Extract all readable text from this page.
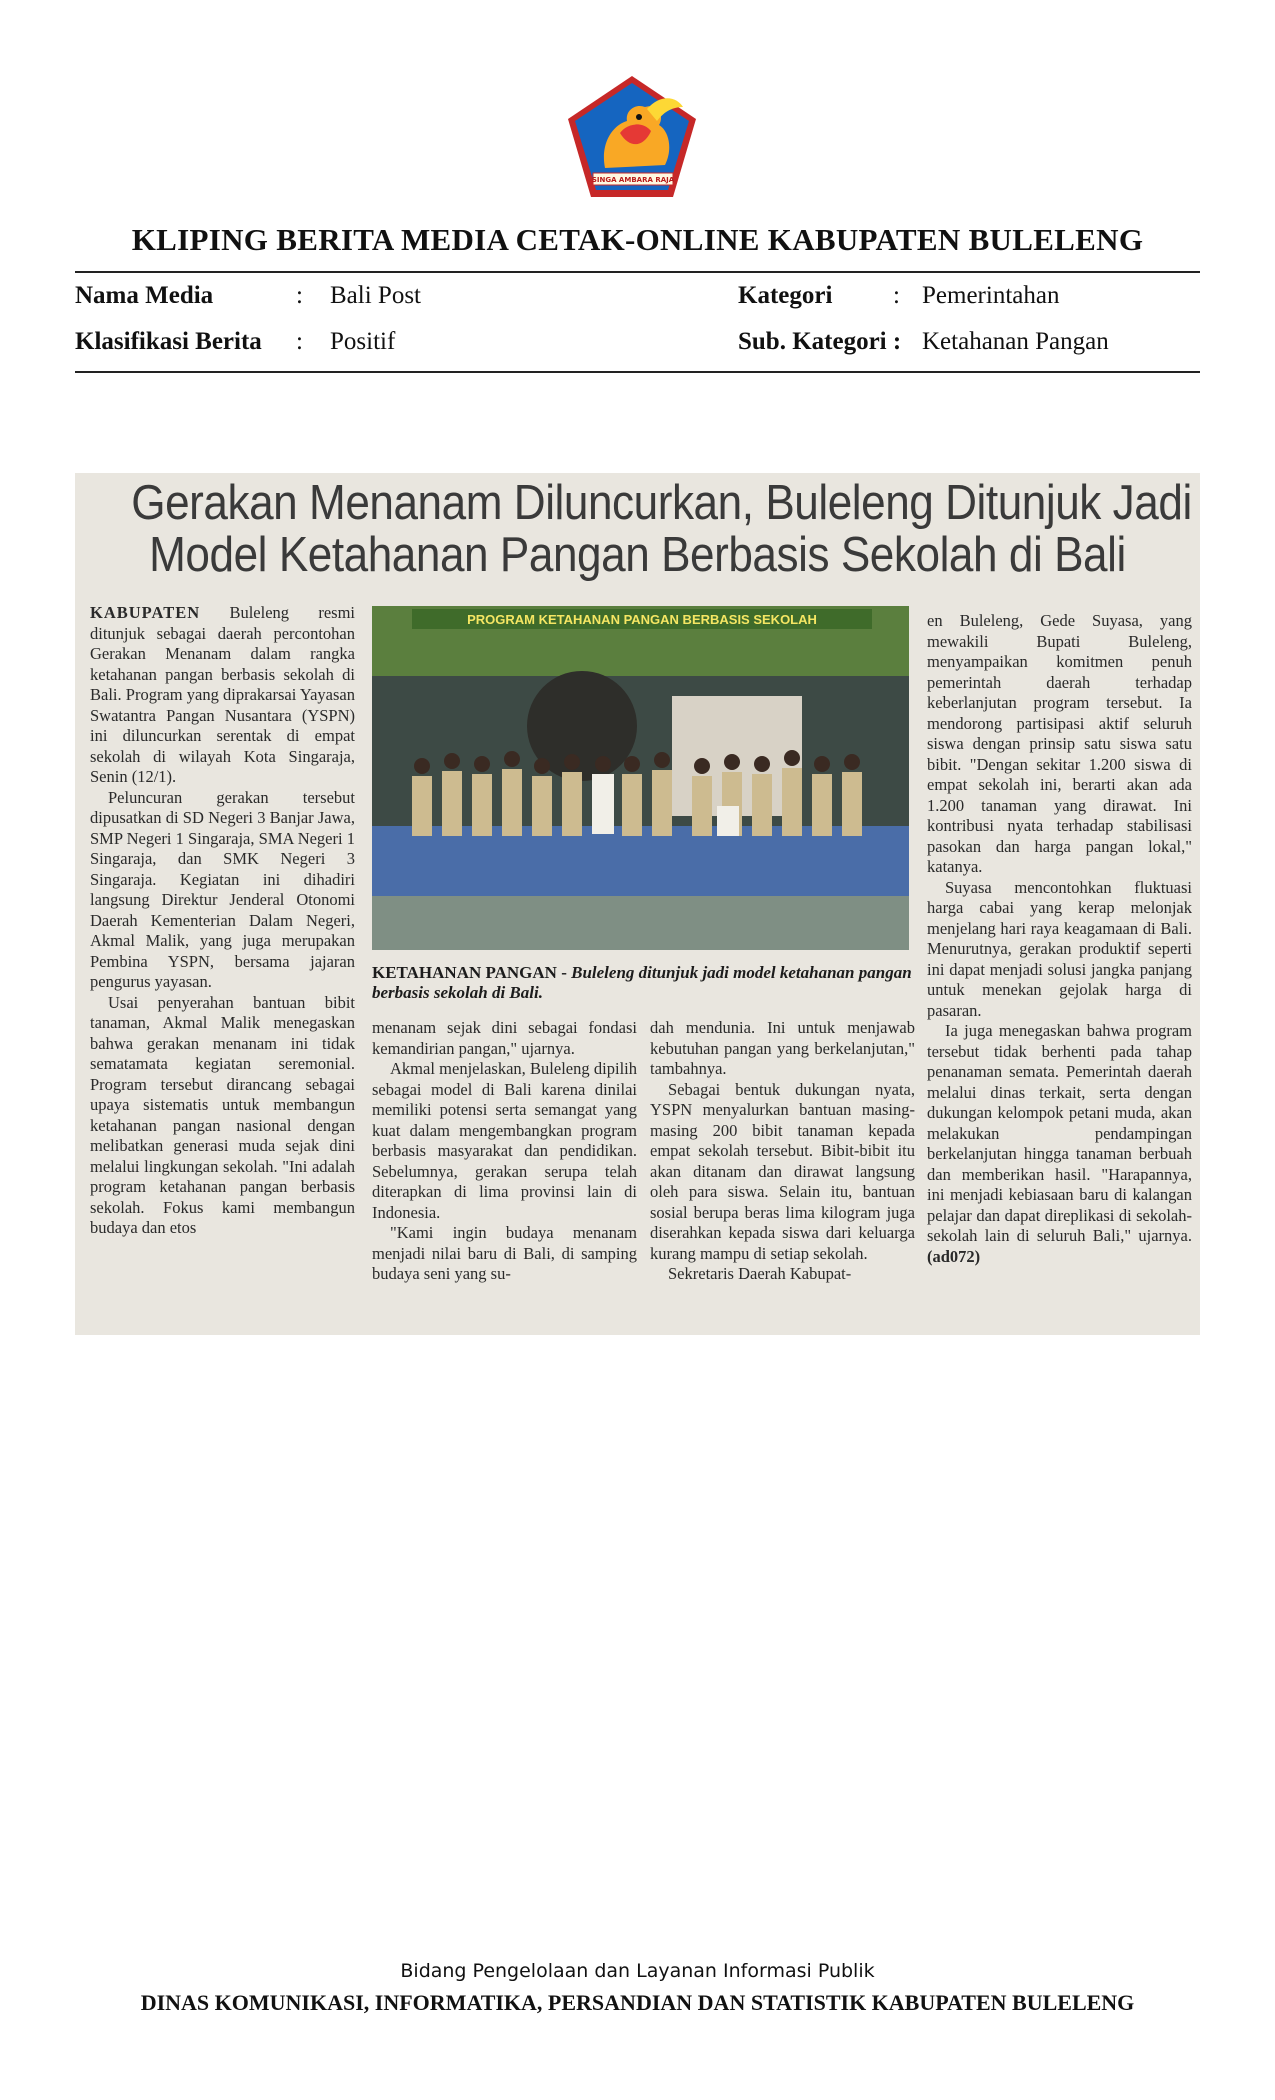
SINGA AMBARA RAJA
KLIPING BERITA MEDIA CETAK-ONLINE KABUPATEN BULELENG
Nama Media	: Bali Post	Kategori : Pemerintahan
Klasifikasi Berita : Positif	Sub. Kategori : Ketahanan Pangan
Gerakan Menanam Diluncurkan, Buleleng Ditunjuk Jadi
Model Ketahanan Pangan Berbasis Sekolah di Bali

KABUPATEN Buleleng resmi ditunjuk sebagai daerah percontohan Gerakan Menanam dalam rangka ketahanan pangan berbasis sekolah di Bali. Program yang diprakarsai Yayasan Swatantra Pangan Nusantara (YSPN) ini diluncurkan serentak di empat sekolah di wilayah Kota Singaraja, Senin (12/1).

Peluncuran gerakan tersebut dipusatkan di SD Negeri 3 Banjar Jawa, SMP Negeri 1 Singaraja, SMA Negeri 1 Singaraja, dan SMK Negeri 3 Singaraja. Kegiatan ini dihadiri langsung Direktur Jenderal Otonomi Daerah Kementerian Dalam Negeri, Akmal Malik, yang juga merupakan Pembina YSPN, bersama jajaran pengurus yayasan.

Usai penyerahan bantuan bibit tanaman, Akmal Malik menegaskan bahwa gerakan menanam ini tidak sematamata kegiatan seremonial. Program tersebut dirancang sebagai upaya sistematis untuk membangun ketahanan pangan nasional dengan melibatkan generasi muda sejak dini melalui lingkungan sekolah. "Ini adalah program ketahanan pangan berbasis sekolah. Fokus kami membangun budaya dan etos

PROGRAM KETAHANAN PANGAN BERBASIS SEKOLAH
KETAHANAN PANGAN - Buleleng ditunjuk jadi model ketahanan pangan berbasis sekolah di Bali.

menanam sejak dini sebagai fondasi kemandirian pangan," ujarnya.

Akmal menjelaskan, Buleleng dipilih sebagai model di Bali karena dinilai memiliki potensi serta semangat yang kuat dalam mengembangkan program berbasis masyarakat dan pendidikan. Sebelumnya, gerakan serupa telah diterapkan di lima provinsi lain di Indonesia.

"Kami ingin budaya menanam menjadi nilai baru di Bali, di samping budaya seni yang su-

dah mendunia. Ini untuk menjawab kebutuhan pangan yang berkelanjutan," tambahnya.

Sebagai bentuk dukungan nyata, YSPN menyalurkan bantuan masing-masing 200 bibit tanaman kepada empat sekolah tersebut. Bibit-bibit itu akan ditanam dan dirawat langsung oleh para siswa. Selain itu, bantuan sosial berupa beras lima kilogram juga diserahkan kepada siswa dari keluarga kurang mampu di setiap sekolah.

Sekretaris Daerah Kabupat-

en Buleleng, Gede Suyasa, yang mewakili Bupati Buleleng, menyampaikan komitmen penuh pemerintah daerah terhadap keberlanjutan program tersebut. Ia mendorong partisipasi aktif seluruh siswa dengan prinsip satu siswa satu bibit. "Dengan sekitar 1.200 siswa di empat sekolah ini, berarti akan ada 1.200 tanaman yang dirawat. Ini kontribusi nyata terhadap stabilisasi pasokan dan harga pangan lokal," katanya.

Suyasa mencontohkan fluktuasi harga cabai yang kerap melonjak menjelang hari raya keagamaan di Bali. Menurutnya, gerakan produktif seperti ini dapat menjadi solusi jangka panjang untuk menekan gejolak harga di pasaran.

Ia juga menegaskan bahwa program tersebut tidak berhenti pada tahap penanaman semata. Pemerintah daerah melalui dinas terkait, serta dengan dukungan kelompok petani muda, akan melakukan pendampingan berkelanjutan hingga tanaman berbuah dan memberikan hasil. "Harapannya, ini menjadi kebiasaan baru di kalangan pelajar dan dapat direplikasi di sekolah-sekolah lain di seluruh Bali," ujarnya. (ad072)

Bidang Pengelolaan dan Layanan Informasi Publik
DINAS KOMUNIKASI, INFORMATIKA, PERSANDIAN DAN STATISTIK KABUPATEN BULELENG
